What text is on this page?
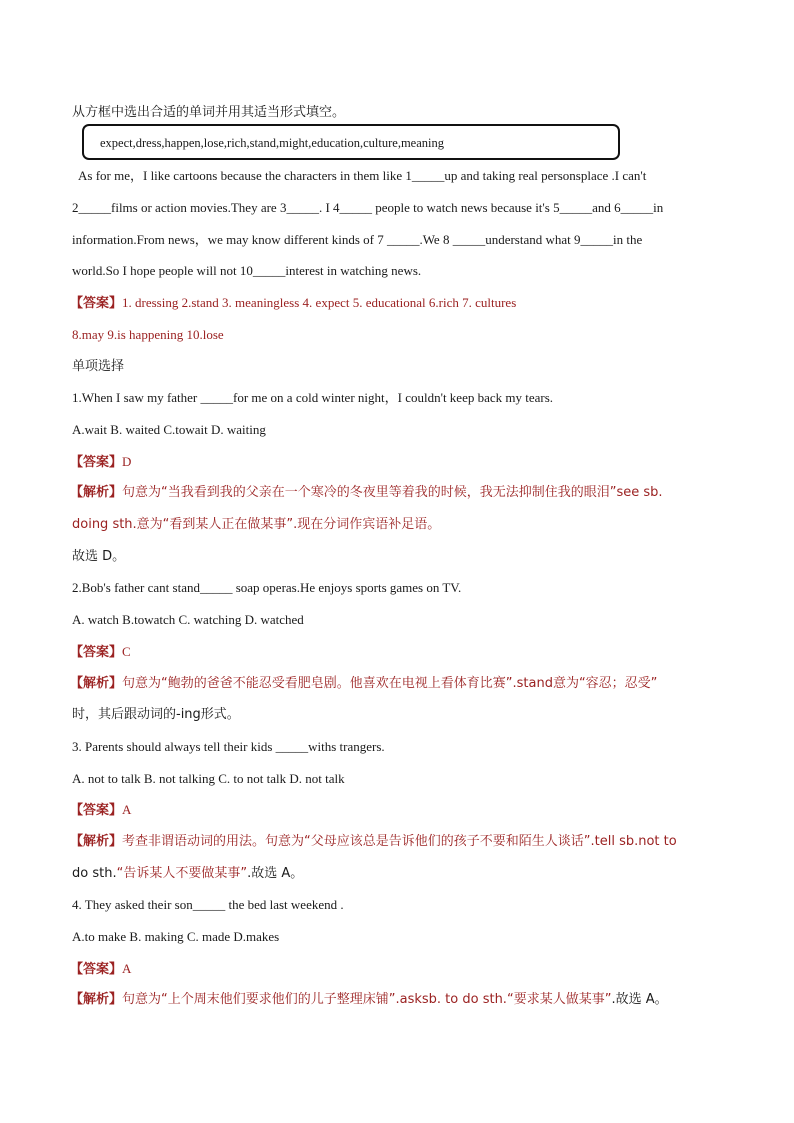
从方框中选出合适的单词并用其适当形式填空。
expect,dress,happen,lose,rich,stand,might,education,culture,meaning
As for me，I like cartoons because the characters in them like 1_____up and taking real personsplace .I can't
2_____films or action movies.They are 3_____. I 4_____ people to watch news because it's 5_____and 6_____in
information.From news，we may know different kinds of 7 _____.We 8 _____understand what 9_____in the
world.So I hope people will not 10_____interest in watching news.
【答案】1. dressing 2.stand 3. meaningless 4. expect 5. educational 6.rich 7. cultures
8.may 9.is happening 10.lose
单项选择
1.When I saw my father _____for me on a cold winter night，I couldn't keep back my tears.
A.wait B. waited C.towait D. waiting
【答案】D
【解析】句意为“当我看到我的父亲在一个寒冷的冬夜里等着我的时候，我无法抑制住我的眼泪”see sb.
doing sth.意为“看到某人正在做某事”.现在分词作宾语补足语。
故选 D。
2.Bob's father cant stand_____ soap operas.He enjoys sports games on TV.
A. watch B.towatch C. watching D. watched
【答案】C
【解析】句意为“鲍勃的爸爸不能忍受看肥皂剧。他喜欢在电视上看体育比赛”.stand意为“容忍；忍受”
时，其后跟动词的-ing形式。
3. Parents should always tell their kids _____withs trangers.
A. not to talk B. not talking C. to not talk D. not talk
【答案】A
【解析】考查非谓语动词的用法。句意为“父母应该总是告诉他们的孩子不要和陌生人谈话”.tell sb.not to
do sth.“告诉某人不要做某事”.故选 A。
4. They asked their son_____ the bed last weekend .
A.to make B. making C. made D.makes
【答案】A
【解析】句意为“上个周末他们要求他们的儿子整理床铺”.asksb. to do sth.“要求某人做某事”.故选 A。
